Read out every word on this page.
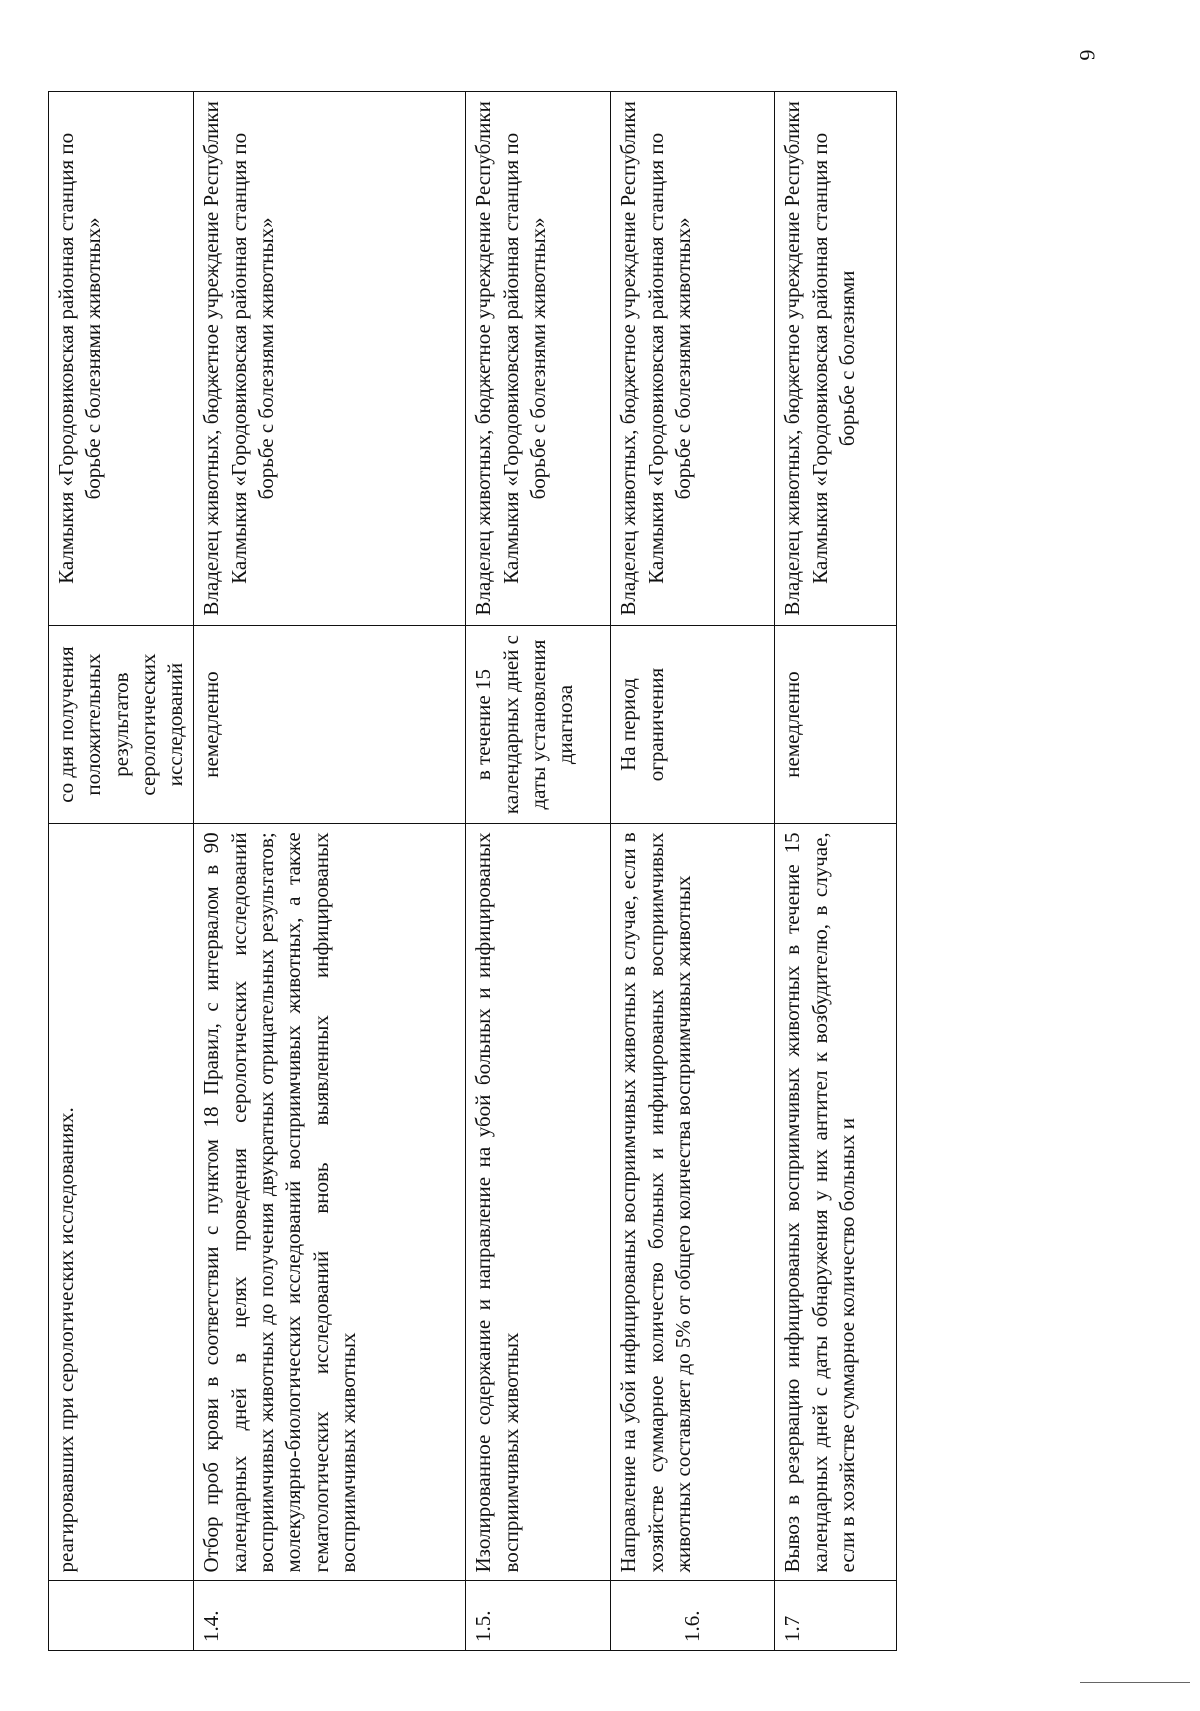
	реагировавших при серологических исследованиях.	со дня получения положительных результатов серологических исследований	Калмыкия «Городовиковская районная станция по борьбе с болезнями животных»
1.4.	Отбор проб крови в соответствии с пунктом 18 Правил, с интервалом в 90 календарных дней в целях проведения серологических исследований восприимчивых животных до получения двукратных отрицательных результатов; молекулярно-биологических исследований восприимчивых животных, а также гематологических исследований вновь выявленных инфицированых восприимчивых животных	немедленно	Владелец животных, бюджетное учреждение Республики Калмыкия «Городовиковская районная станция по борьбе с болезнями животных»
1.5.	Изолированное содержание и направление на убой больных и инфицированых восприимчивых животных	в течение 15 календарных дней с даты установления диагноза	Владелец животных, бюджетное учреждение Республики Калмыкия «Городовиковская районная станция по борьбе с болезнями животных»
1.6.	Направление на убой инфицированых восприимчивых животных в случае, если в хозяйстве суммарное количество больных и инфицированых восприимчивых животных составляет до 5% от общего количества восприимчивых животных	На период ограничения	Владелец животных, бюджетное учреждение Республики Калмыкия «Городовиковская районная станция по борьбе с болезнями животных»
1.7	Вывоз в резервацию инфицированых восприимчивых животных в течение 15 календарных дней с даты обнаружения у них антител к возбудителю, в случае, если в хозяйстве суммарное количество больных и	немедленно	Владелец животных, бюджетное учреждение Республики Калмыкия «Городовиковская районная станция по борьбе с болезнями
6
